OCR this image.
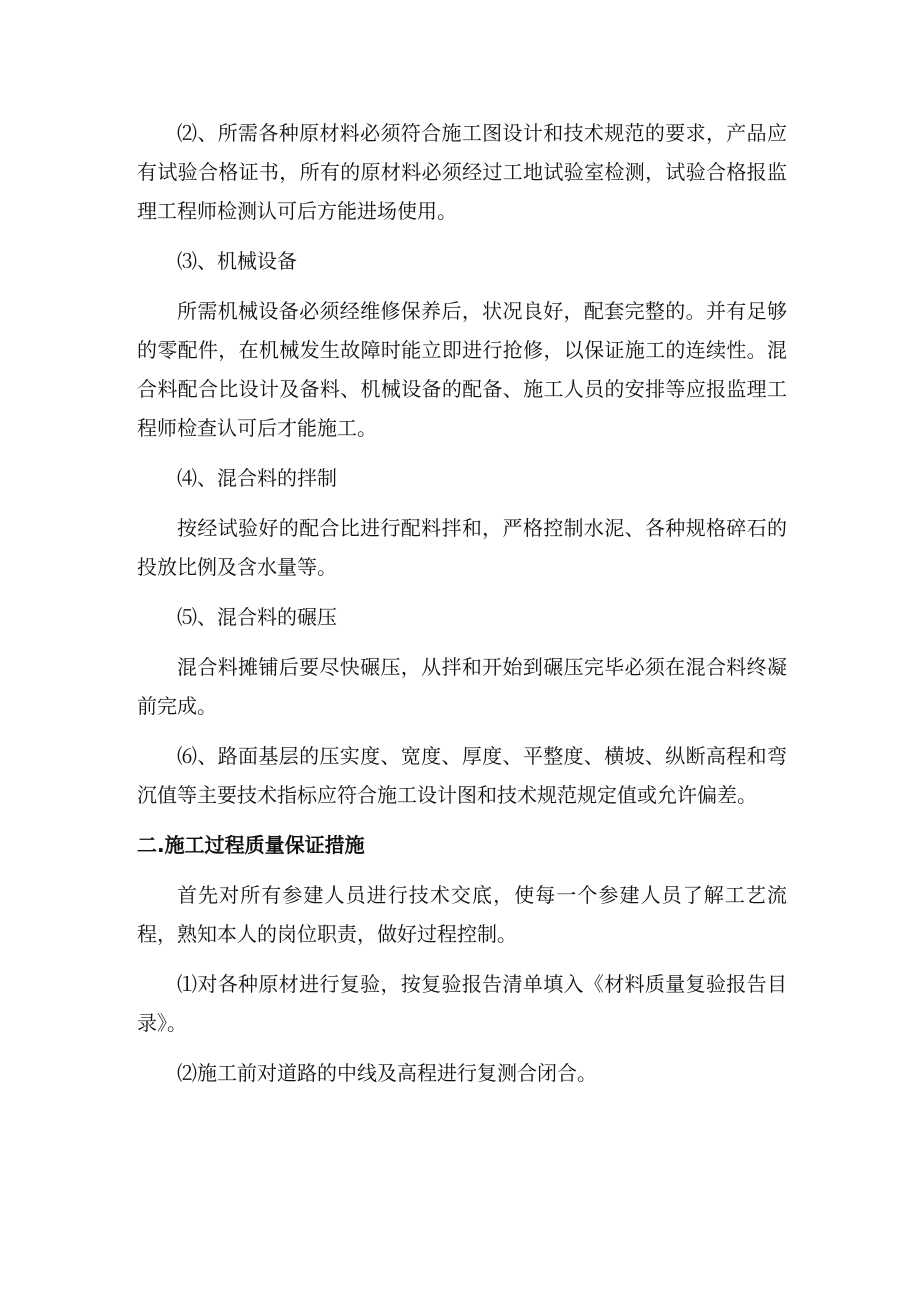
⑵、所需各种原材料必须符合施工图设计和技术规范的要求，产品应有试验合格证书，所有的原材料必须经过工地试验室检测，试验合格报监理工程师检测认可后方能进场使用。

⑶、机械设备

所需机械设备必须经维修保养后，状况良好，配套完整的。并有足够的零配件，在机械发生故障时能立即进行抢修，以保证施工的连续性。混合料配合比设计及备料、机械设备的配备、施工人员的安排等应报监理工程师检查认可后才能施工。

⑷、混合料的拌制

按经试验好的配合比进行配料拌和，严格控制水泥、各种规格碎石的投放比例及含水量等。

⑸、混合料的碾压

混合料摊铺后要尽快碾压，从拌和开始到碾压完毕必须在混合料终凝前完成。

⑹、路面基层的压实度、宽度、厚度、平整度、横坡、纵断高程和弯沉值等主要技术指标应符合施工设计图和技术规范规定值或允许偏差。

二.施工过程质量保证措施

首先对所有参建人员进行技术交底，使每一个参建人员了解工艺流程，熟知本人的岗位职责，做好过程控制。

⑴对各种原材进行复验，按复验报告清单填入《材料质量复验报告目录》。

⑵施工前对道路的中线及高程进行复测合闭合。
